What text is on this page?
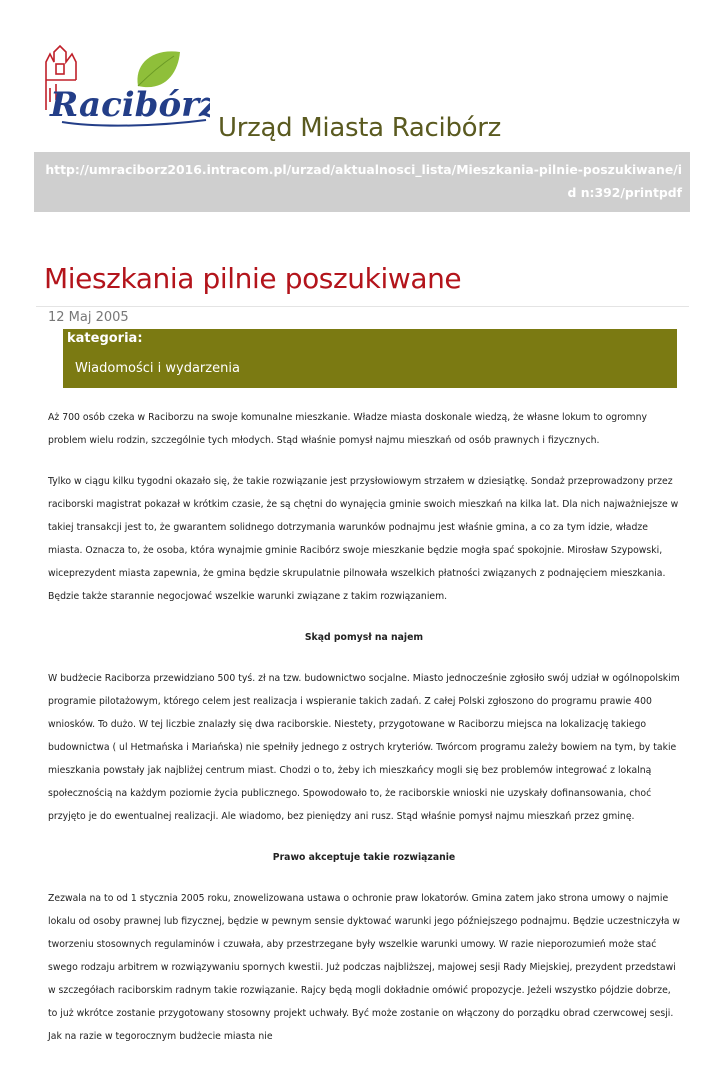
Racibórz
Urząd Miasta Racibórz
http://umraciborz2016.intracom.pl/urzad/aktualnosci_lista/Mieszkania-pilnie-poszukiwane/id n:392/printpdf
Mieszkania pilnie poszukiwane
12 Maj 2005
kategoria:
Wiadomości i wydarzenia

Aż 700 osób czeka w Raciborzu na swoje komunalne mieszkanie. Władze miasta doskonale wiedzą, że własne lokum to ogromny problem wielu rodzin, szczególnie tych młodych. Stąd właśnie pomysł najmu mieszkań od osób prawnych i fizycznych.

Tylko w ciągu kilku tygodni okazało się, że takie rozwiązanie jest przysłowiowym strzałem w dziesiątkę. Sondaż przeprowadzony przez raciborski magistrat pokazał w krótkim czasie, że są chętni do wynajęcia gminie swoich mieszkań na kilka lat. Dla nich najważniejsze w takiej transakcji jest to, że gwarantem solidnego dotrzymania warunków podnajmu jest właśnie gmina, a co za tym idzie, władze miasta. Oznacza to, że osoba, która wynajmie gminie Racibórz swoje mieszkanie będzie mogła spać spokojnie. Mirosław Szypowski, wiceprezydent miasta zapewnia, że gmina będzie skrupulatnie pilnowała wszelkich płatności związanych z podnajęciem mieszkania. Będzie także starannie negocjować wszelkie warunki związane z takim rozwiązaniem.

Skąd pomysł na najem

W budżecie Raciborza przewidziano 500 tyś. zł na tzw. budownictwo socjalne. Miasto jednocześnie zgłosiło swój udział w ogólnopolskim programie pilotażowym, którego celem jest realizacja i wspieranie takich zadań. Z całej Polski zgłoszono do programu prawie 400 wniosków. To dużo. W tej liczbie znalazły się dwa raciborskie. Niestety, przygotowane w Raciborzu miejsca na lokalizację takiego budownictwa ( ul Hetmańska i Mariańska) nie spełniły jednego z ostrych kryteriów. Twórcom programu zależy bowiem na tym, by takie mieszkania powstały jak najbliżej centrum miast. Chodzi o to, żeby ich mieszkańcy mogli się bez problemów integrować z lokalną społecznością na każdym poziomie życia publicznego. Spowodowało to, że raciborskie wnioski nie uzyskały dofinansowania, choć przyjęto je do ewentualnej realizacji. Ale wiadomo, bez pieniędzy ani rusz. Stąd właśnie pomysł najmu mieszkań przez gminę.

Prawo akceptuje takie rozwiązanie

Zezwala na to od 1 stycznia 2005 roku, znowelizowana ustawa o ochronie praw lokatorów. Gmina zatem jako strona umowy o najmie lokalu od osoby prawnej lub fizycznej, będzie w pewnym sensie dyktować warunki jego późniejszego podnajmu. Będzie uczestniczyła w tworzeniu stosownych regulaminów i czuwała, aby przestrzegane były wszelkie warunki umowy. W razie nieporozumień może stać swego rodzaju arbitrem w rozwiązywaniu spornych kwestii. Już podczas najbliższej, majowej sesji Rady Miejskiej, prezydent przedstawi w szczegółach raciborskim radnym takie rozwiązanie. Rajcy będą mogli dokładnie omówić propozycje. Jeżeli wszystko pójdzie dobrze, to już wkrótce zostanie przygotowany stosowny projekt uchwały. Być może zostanie on włączony do porządku obrad czerwcowej sesji. Jak na razie w tegorocznym budżecie miasta nie
